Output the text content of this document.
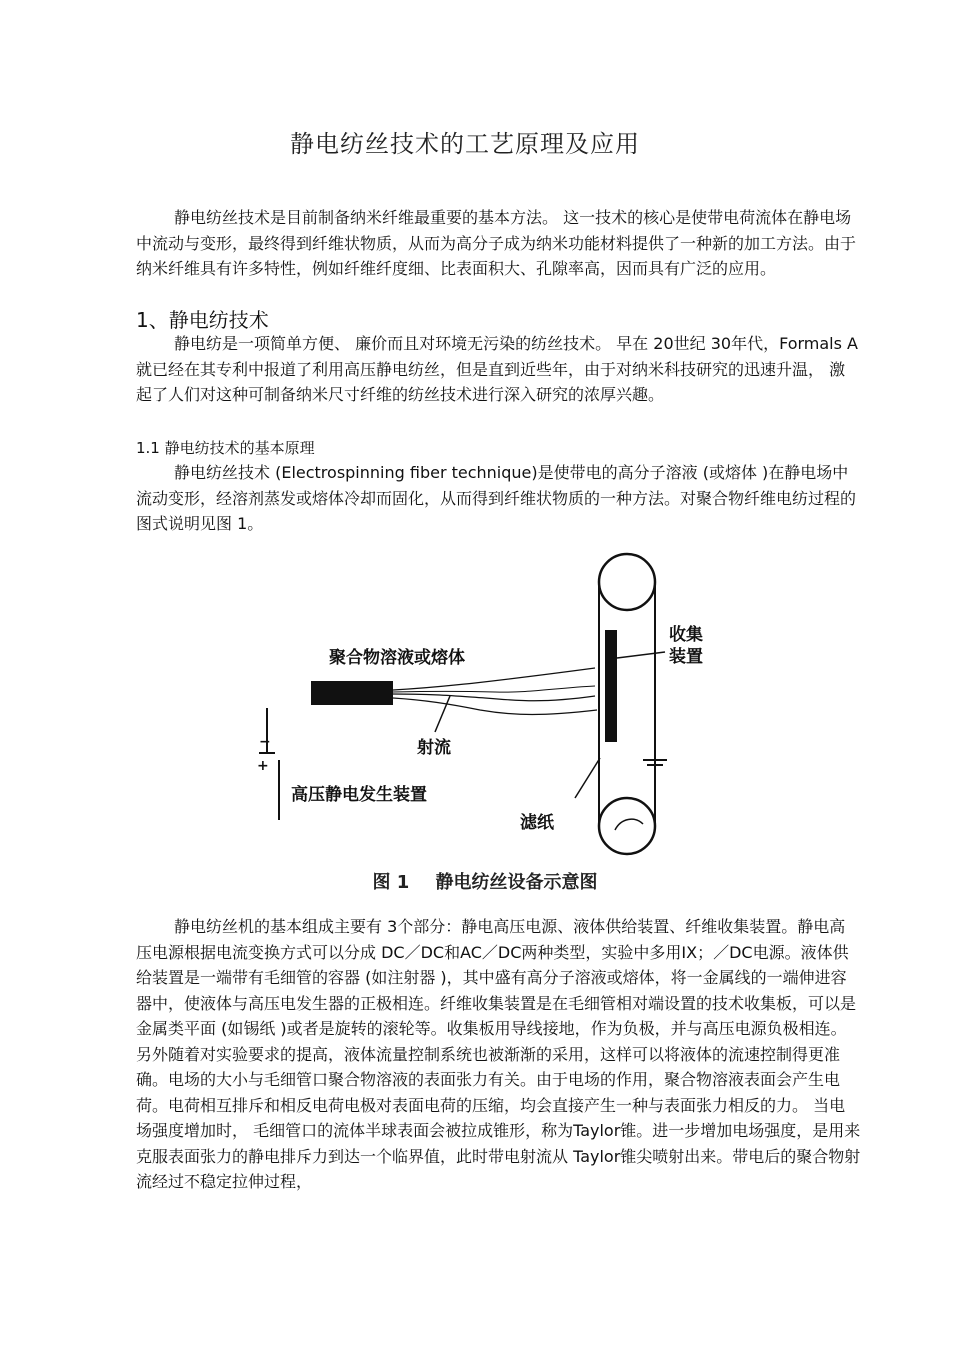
静电纺丝技术的工艺原理及应用
静电纺丝技术是目前制备纳米纤维最重要的基本方法。 这一技术的核心是使带电荷流体在静电场中流动与变形，最终得到纤维状物质，从而为高分子成为纳米功能材料提供了一种新的加工方法。由于纳米纤维具有许多特性，例如纤维纤度细、比表面积大、孔隙率高，因而具有广泛的应用。
1、静电纺技术
静电纺是一项简单方便、 廉价而且对环境无污染的纺丝技术。 早在 20世纪 30年代，Formals A 就已经在其专利中报道了利用高压静电纺丝，但是直到近些年，由于对纳米科技研究的迅速升温， 激起了人们对这种可制备纳米尺寸纤维的纺丝技术进行深入研究的浓厚兴趣。
1.1 静电纺技术的基本原理
静电纺丝技术 (Electrospinning fiber technique)是使带电的高分子溶液 (或熔体 )在静电场中流动变形，经溶剂蒸发或熔体冷却而固化，从而得到纤维状物质的一种方法。对聚合物纤维电纺过程的图式说明见图 1。
聚合物溶液或熔体
射流
−
+
高压静电发生装置
收集
装置
滤纸
图 1 静电纺丝设备示意图
静电纺丝机的基本组成主要有 3个部分：静电高压电源、液体供给装置、纤维收集装置。静电高压电源根据电流变换方式可以分成 DC／DC和AC／DC两种类型，实验中多用IX；／DC电源。液体供给装置是一端带有毛细管的容器 (如注射器 )，其中盛有高分子溶液或熔体，将一金属线的一端伸进容器中，使液体与高压电发生器的正极相连。纤维收集装置是在毛细管相对端设置的技术收集板，可以是金属类平面 (如锡纸 )或者是旋转的滚轮等。收集板用导线接地，作为负极，并与高压电源负极相连。另外随着对实验要求的提高，液体流量控制系统也被渐渐的采用，这样可以将液体的流速控制得更准确。电场的大小与毛细管口聚合物溶液的表面张力有关。由于电场的作用，聚合物溶液表面会产生电荷。电荷相互排斥和相反电荷电极对表面电荷的压缩，均会直接产生一种与表面张力相反的力。 当电场强度增加时， 毛细管口的流体半球表面会被拉成锥形，称为Taylor锥。进一步增加电场强度，是用来克服表面张力的静电排斥力到达一个临界值，此时带电射流从 Taylor锥尖喷射出来。带电后的聚合物射流经过不稳定拉伸过程，
